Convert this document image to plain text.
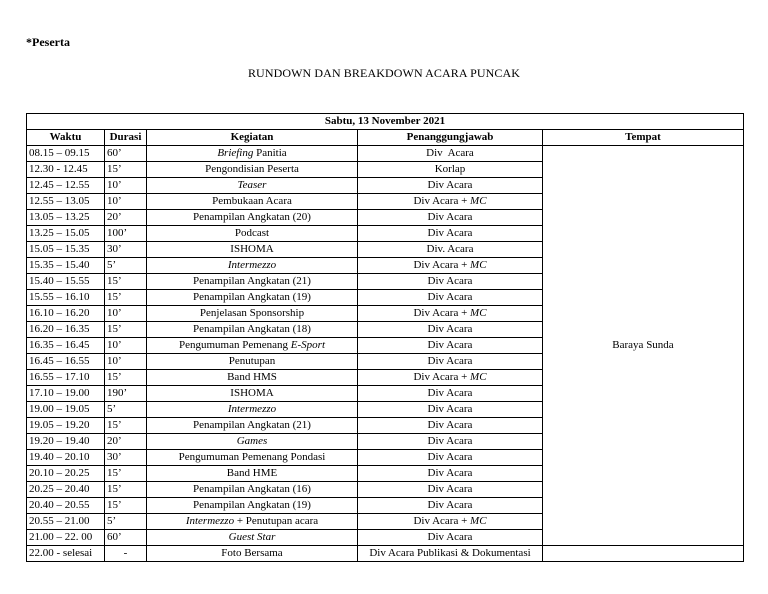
*Peserta
RUNDOWN DAN BREAKDOWN ACARA PUNCAK
Sabtu, 13 November 2021				
Waktu	Durasi	Kegiatan	Penanggungjawab	Tempat
08.15 – 09.15	60’	Briefing Panitia	Div  Acara	Baraya Sunda
12.30 - 12.45	15’	Pengondisian Peserta	Korlap	
12.45 – 12.55	10’	Teaser	Div Acara	
12.55 – 13.05	10’	Pembukaan Acara	Div Acara + MC	
13.05 – 13.25	20’	Penampilan Angkatan (20)	Div Acara	
13.25 – 15.05	100’	Podcast	Div Acara	
15.05 – 15.35	30’	ISHOMA	Div. Acara	
15.35 – 15.40	5’	Intermezzo	Div Acara + MC	
15.40 – 15.55	15’	Penampilan Angkatan (21)	Div Acara	
15.55 – 16.10	15’	Penampilan Angkatan (19)	Div Acara	
16.10 – 16.20	10’	Penjelasan Sponsorship	Div Acara + MC	
16.20 – 16.35	15’	Penampilan Angkatan (18)	Div Acara	
16.35 – 16.45	10’	Pengumuman Pemenang E-Sport	Div Acara	
16.45 – 16.55	10’	Penutupan	Div Acara	
16.55 – 17.10	15’	Band HMS	Div Acara + MC	
17.10 – 19.00	190’	ISHOMA	Div Acara	
19.00 – 19.05	5’	Intermezzo	Div Acara	
19.05 – 19.20	15’	Penampilan Angkatan (21)	Div Acara	
19.20 – 19.40	20’	Games	Div Acara	
19.40 – 20.10	30’	Pengumuman Pemenang Pondasi	Div Acara	
20.10 – 20.25	15’	Band HME	Div Acara	
20.25 – 20.40	15’	Penampilan Angkatan (16)	Div Acara	
20.40 – 20.55	15’	Penampilan Angkatan (19)	Div Acara	
20.55 – 21.00	5’	Intermezzo + Penutupan acara	Div Acara + MC	
21.00 – 22. 00	60’	Guest Star	Div Acara	
22.00 - selesai	-	Foto Bersama	Div Acara Publikasi & Dokumentasi	
